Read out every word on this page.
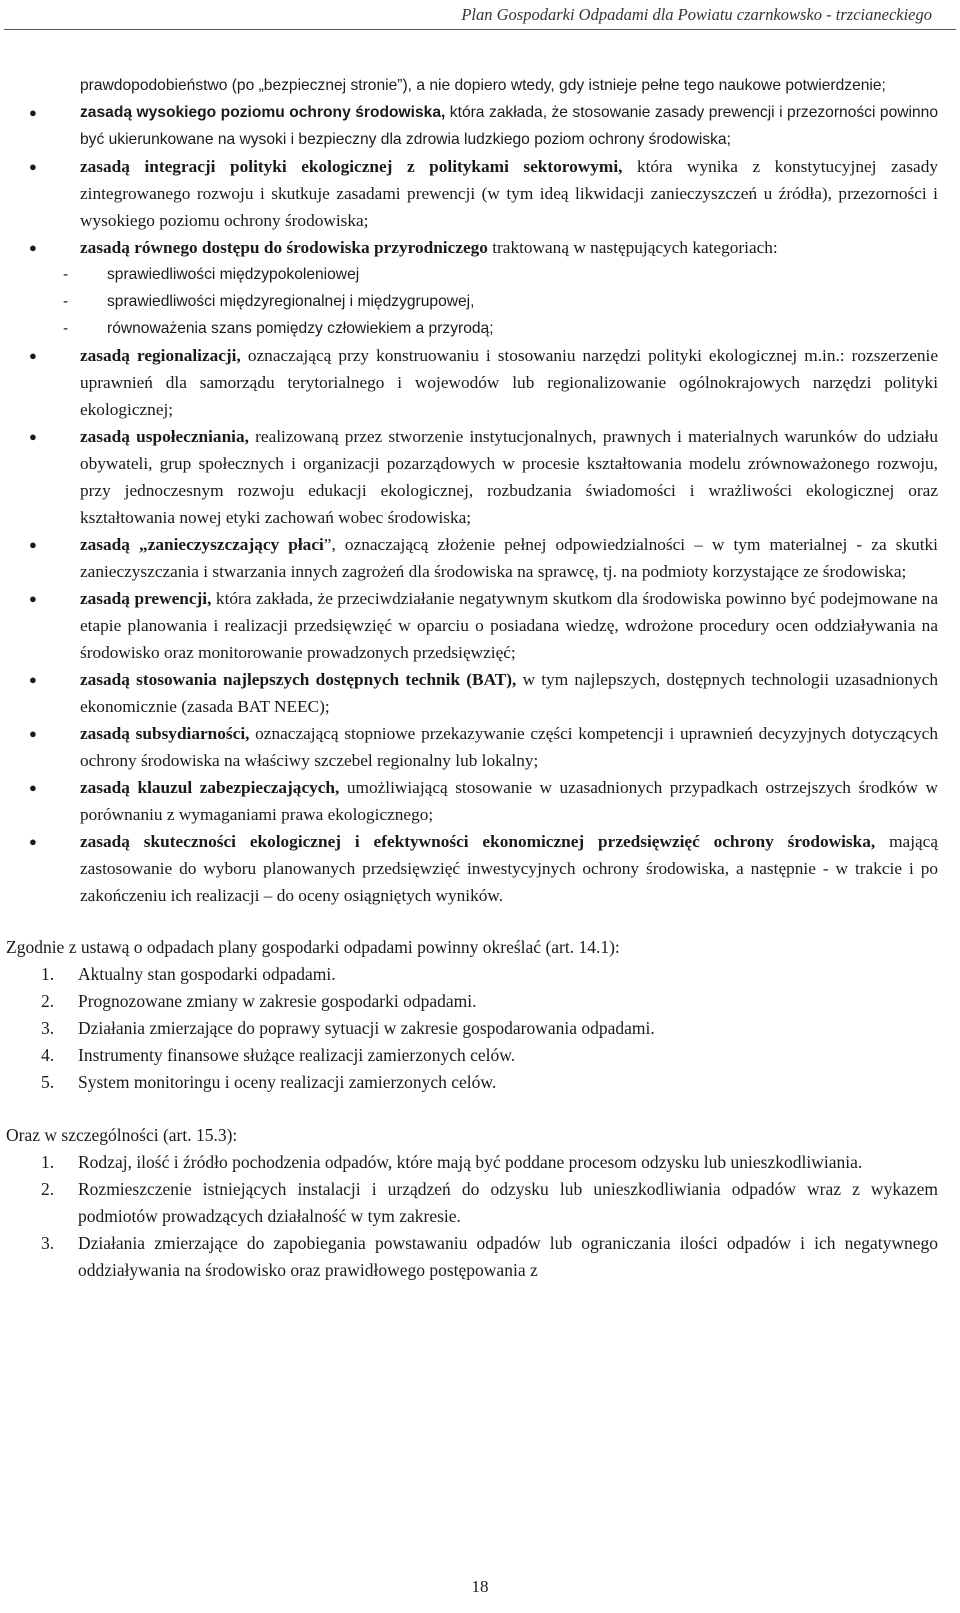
Plan Gospodarki Odpadami dla Powiatu czarnkowsko - trzcianeckiego
prawdopodobieństwo (po „bezpiecznej stronie”), a nie dopiero wtedy, gdy istnieje pełne tego naukowe potwierdzenie;
●	zasadą wysokiego poziomu ochrony środowiska, która zakłada, że stosowanie zasady prewencji i przezorności powinno być ukierunkowane na wysoki i bezpieczny dla zdrowia ludzkiego poziom ochrony środowiska;
● zasadą integracji polityki ekologicznej z politykami sektorowymi, która wynika z konstytucyjnej zasady zintegrowanego rozwoju i skutkuje zasadami prewencji (w tym ideą likwidacji zanieczyszczeń u źródła), przezorności i wysokiego poziomu ochrony środowiska;
● zasadą równego dostępu do środowiska przyrodniczego traktowaną w następujących kategoriach:
- sprawiedliwości międzypokoleniowej
- sprawiedliwości międzyregionalnej i międzygrupowej,
- równoważenia szans pomiędzy człowiekiem a przyrodą;
● zasadą regionalizacji, oznaczającą przy konstruowaniu i stosowaniu narzędzi polityki ekologicznej m.in.: rozszerzenie uprawnień dla samorządu terytorialnego i wojewodów lub regionalizowanie ogólnokrajowych narzędzi polityki ekologicznej;
● zasadą uspołeczniania, realizowaną przez stworzenie instytucjonalnych, prawnych i materialnych warunków do udziału obywateli, grup społecznych i organizacji pozarządowych w procesie kształtowania modelu zrównoważonego rozwoju, przy jednoczesnym rozwoju edukacji ekologicznej, rozbudzania świadomości i wrażliwości ekologicznej oraz kształtowania nowej etyki zachowań wobec środowiska;
● zasadą „zanieczyszczający płaci”, oznaczającą złożenie pełnej odpowiedzialności – w tym materialnej - za skutki zanieczyszczania i stwarzania innych zagrożeń dla środowiska na sprawcę, tj. na podmioty korzystające ze środowiska;
● zasadą prewencji, która zakłada, że przeciwdziałanie negatywnym skutkom dla środowiska powinno być podejmowane na etapie planowania i realizacji przedsięwzięć w oparciu o posiadana wiedzę, wdrożone procedury ocen oddziaływania na środowisko oraz monitorowanie prowadzonych przedsięwzięć;
● zasadą stosowania najlepszych dostępnych technik (BAT), w tym najlepszych, dostępnych technologii uzasadnionych ekonomicznie (zasada BAT NEEC);
● zasadą subsydiarności, oznaczającą stopniowe przekazywanie części kompetencji i uprawnień decyzyjnych dotyczących ochrony środowiska na właściwy szczebel regionalny lub lokalny;
● zasadą klauzul zabezpieczających, umożliwiającą stosowanie w uzasadnionych przypadkach ostrzejszych środków w porównaniu z wymaganiami prawa ekologicznego;
● zasadą skuteczności ekologicznej i efektywności ekonomicznej przedsięwzięć ochrony środowiska, mającą zastosowanie do wyboru planowanych przedsięwzięć inwestycyjnych ochrony środowiska, a następnie - w trakcie i po zakończeniu ich realizacji – do oceny osiągniętych wyników.
Zgodnie z ustawą o odpadach plany gospodarki odpadami powinny określać (art. 14.1):
1. Aktualny stan gospodarki odpadami.
2. Prognozowane zmiany w zakresie gospodarki odpadami.
3. Działania zmierzające do poprawy sytuacji w zakresie gospodarowania odpadami.
4. Instrumenty finansowe służące realizacji zamierzonych celów.
5. System monitoringu i oceny realizacji zamierzonych celów.
Oraz w szczególności (art. 15.3):
1. Rodzaj, ilość i źródło pochodzenia odpadów, które mają być poddane procesom odzysku lub unieszkodliwiania.
2. Rozmieszczenie istniejących instalacji i urządzeń do odzysku lub unieszkodliwiania odpadów wraz z wykazem podmiotów prowadzących działalność w tym zakresie.
3. Działania zmierzające do zapobiegania powstawaniu odpadów lub ograniczania ilości odpadów i ich negatywnego oddziaływania na środowisko oraz prawidłowego postępowania z
18
